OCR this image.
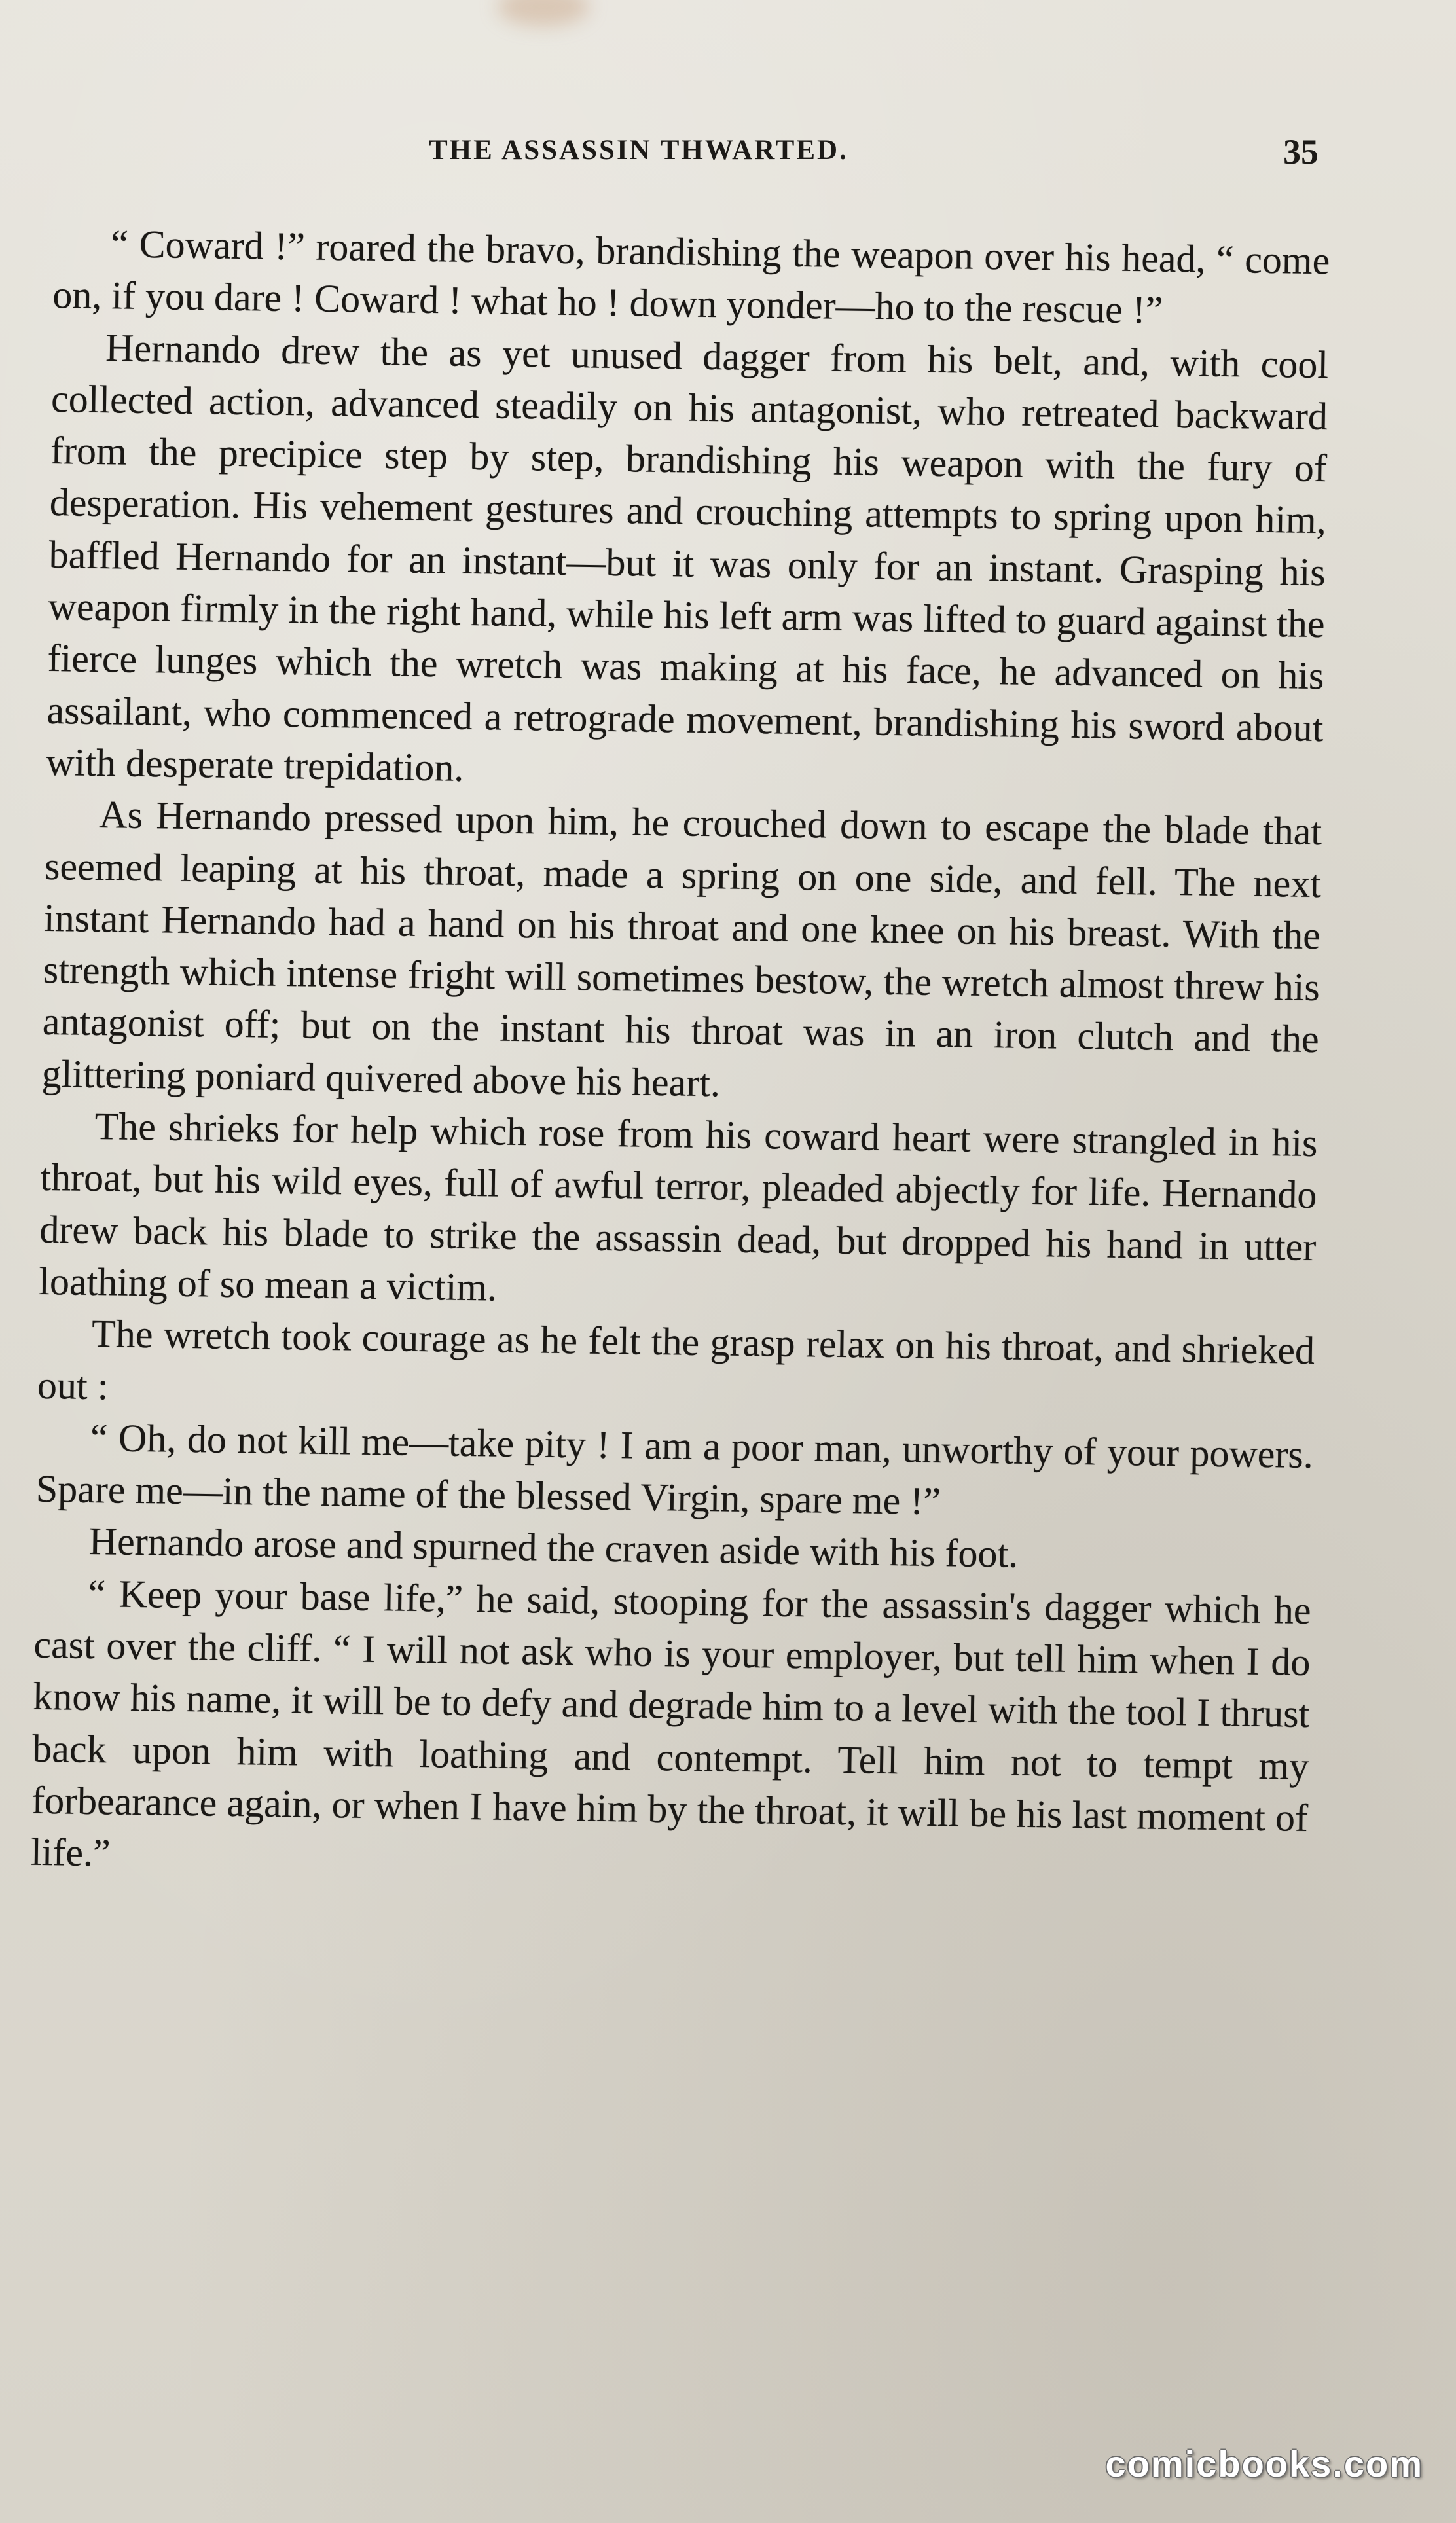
THE ASSASSIN THWARTED.	35

“ Coward !” roared the bravo, brandishing the weapon over his head, “ come on, if you dare ! Coward ! what ho ! down yonder—ho to the rescue !”

Hernando drew the as yet unused dagger from his belt, and, with cool collected action, advanced steadily on his antagonist, who retreated backward from the precipice step by step, brandishing his weapon with the fury of desperation. His vehement gestures and crouching attempts to spring upon him, baffled Hernando for an instant—but it was only for an instant. Grasping his weapon firmly in the right hand, while his left arm was lifted to guard against the fierce lunges which the wretch was making at his face, he advanced on his assailant, who commenced a retrograde movement, brandishing his sword about with desperate trepidation.

As Hernando pressed upon him, he crouched down to escape the blade that seemed leaping at his throat, made a spring on one side, and fell. The next instant Hernando had a hand on his throat and one knee on his breast. With the strength which intense fright will sometimes bestow, the wretch almost threw his antagonist off; but on the instant his throat was in an iron clutch and the glittering poniard quivered above his heart.

The shrieks for help which rose from his coward heart were strangled in his throat, but his wild eyes, full of awful terror, pleaded abjectly for life. Hernando drew back his blade to strike the assassin dead, but dropped his hand in utter loathing of so mean a victim.

The wretch took courage as he felt the grasp relax on his throat, and shrieked out :

“ Oh, do not kill me—take pity ! I am a poor man, unworthy of your powers. Spare me—in the name of the blessed Virgin, spare me !”

Hernando arose and spurned the craven aside with his foot.

“ Keep your base life,” he said, stooping for the assassin's dagger which he cast over the cliff. “ I will not ask who is your employer, but tell him when I do know his name, it will be to defy and degrade him to a level with the tool I thrust back upon him with loathing and contempt. Tell him not to tempt my forbearance again, or when I have him by the throat, it will be his last moment of life.”

comicbooks.com
